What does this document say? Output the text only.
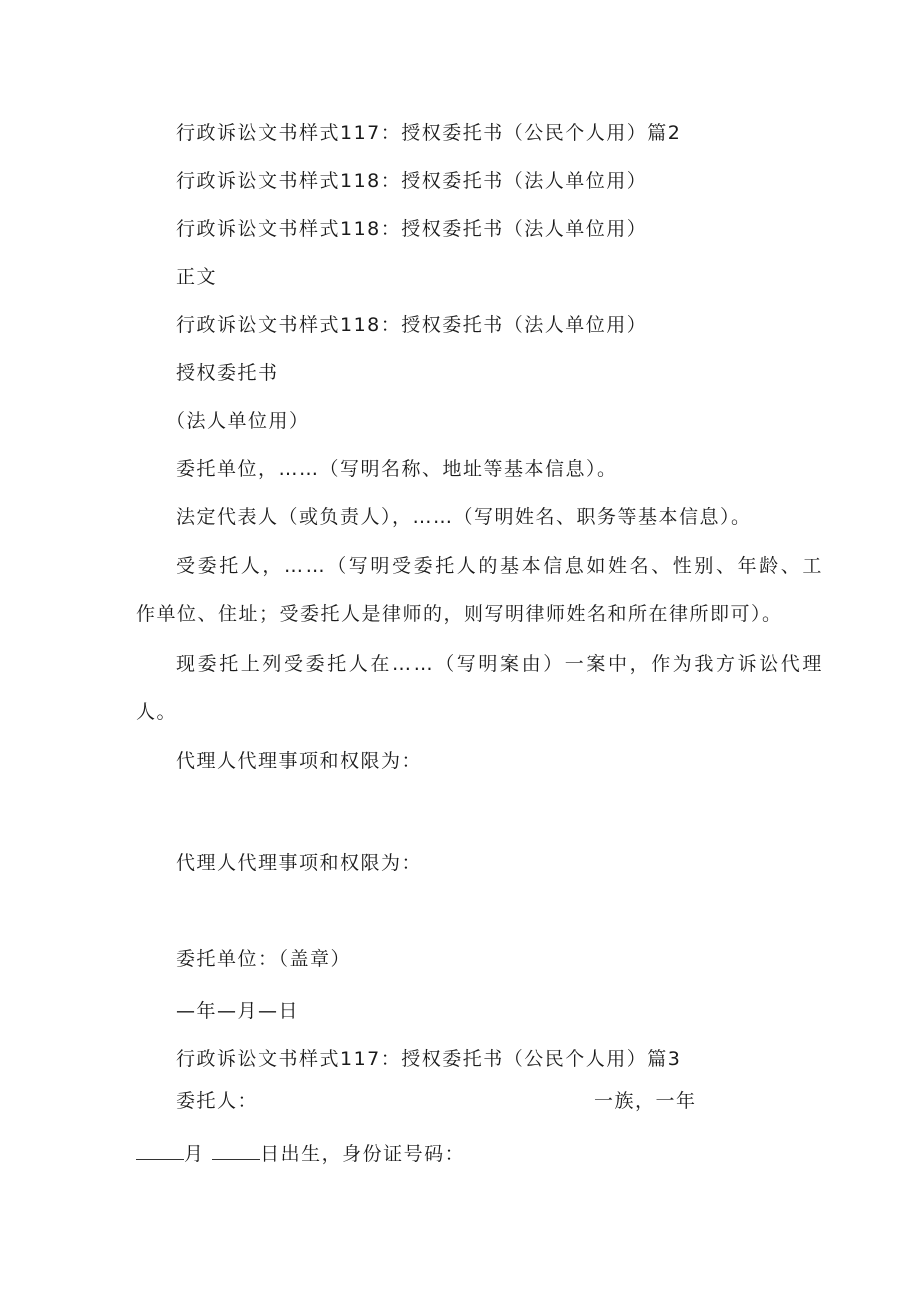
行政诉讼文书样式117：授权委托书（公民个人用）篇2
行政诉讼文书样式118：授权委托书（法人单位用）
行政诉讼文书样式118：授权委托书（法人单位用）
正文
行政诉讼文书样式118：授权委托书（法人单位用）
授权委托书
（法人单位用）
委托单位，……（写明名称、地址等基本信息）。
法定代表人（或负责人），……（写明姓名、职务等基本信息）。
受委托人，……（写明受委托人的基本信息如姓名、性别、年龄、工
作单位、住址；受委托人是律师的，则写明律师姓名和所在律所即可）。
现委托上列受委托人在……（写明案由）一案中，作为我方诉讼代理
人。
代理人代理事项和权限为：
代理人代理事项和权限为：
委托单位：（盖章）
—年—月—日
行政诉讼文书样式117：授权委托书（公民个人用）篇3
委托人：	一族，一年
月	日出生，身份证号码：
